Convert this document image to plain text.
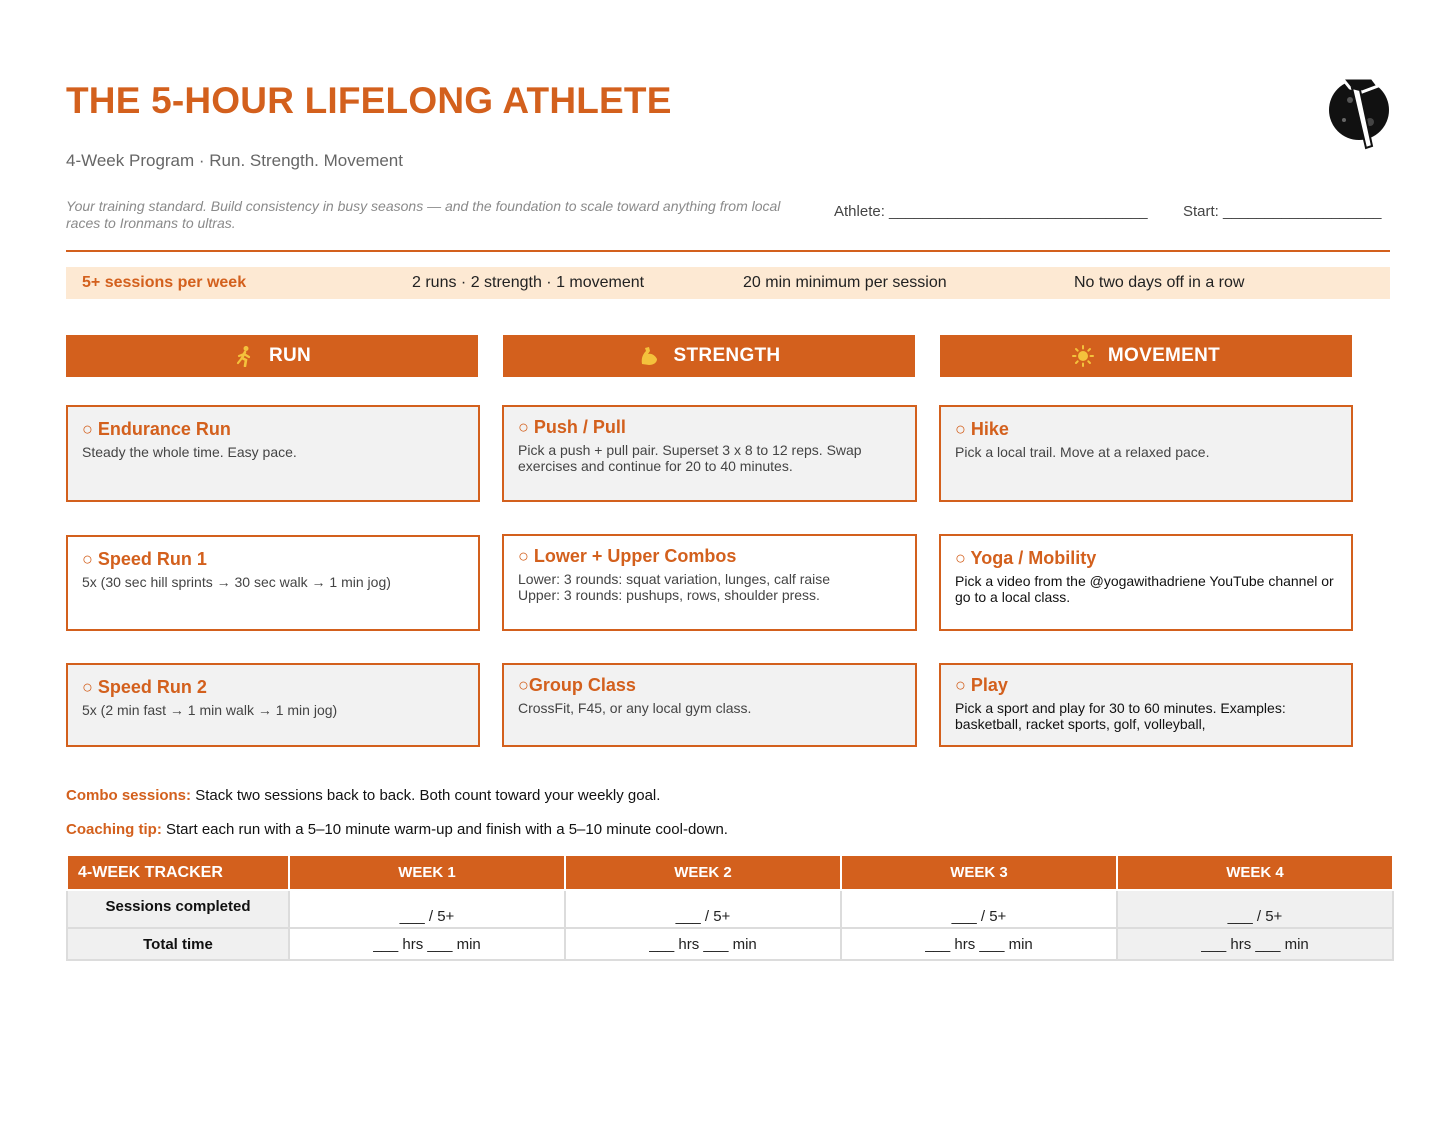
THE 5-HOUR LIFELONG ATHLETE
4-Week Program · Run. Strength. Movement
Your training standard. Build consistency in busy seasons — and the foundation to scale toward anything from local races to Ironmans to ultras.
Athlete: _______________________________ Start: ___________________
5+ sessions per week	2 runs · 2 strength · 1 movement	20 min minimum per session	No two days off in a row
RUN	STRENGTH	MOVEMENT
○ Endurance Run
Steady the whole time. Easy pace.
○ Speed Run 1
5x (30 sec hill sprints → 30 sec walk → 1 min jog)
○ Speed Run 2
5x (2 min fast → 1 min walk → 1 min jog)
○ Push / Pull
Pick a push + pull pair. Superset 3 x 8 to 12 reps. Swap exercises and continue for 20 to 40 minutes.
○ Lower + Upper Combos
Lower: 3 rounds: squat variation, lunges, calf raise
Upper: 3 rounds: pushups, rows, shoulder press.
○Group Class
CrossFit, F45, or any local gym class.
○ Hike
Pick a local trail. Move at a relaxed pace.
○ Yoga / Mobility
Pick a video from the @yogawithadriene YouTube channel or go to a local class.
○ Play
Pick a sport and play for 30 to 60 minutes. Examples: basketball, racket sports, golf, volleyball,
Combo sessions: Stack two sessions back to back. Both count toward your weekly goal.
Coaching tip: Start each run with a 5–10 minute warm-up and finish with a 5–10 minute cool-down.
4-WEEK TRACKER	WEEK 1	WEEK 2	WEEK 3	WEEK 4
Sessions completed	___ / 5+	___ / 5+	___ / 5+	___ / 5+
Total time	___ hrs ___ min	___ hrs ___ min	___ hrs ___ min	___ hrs ___ min
